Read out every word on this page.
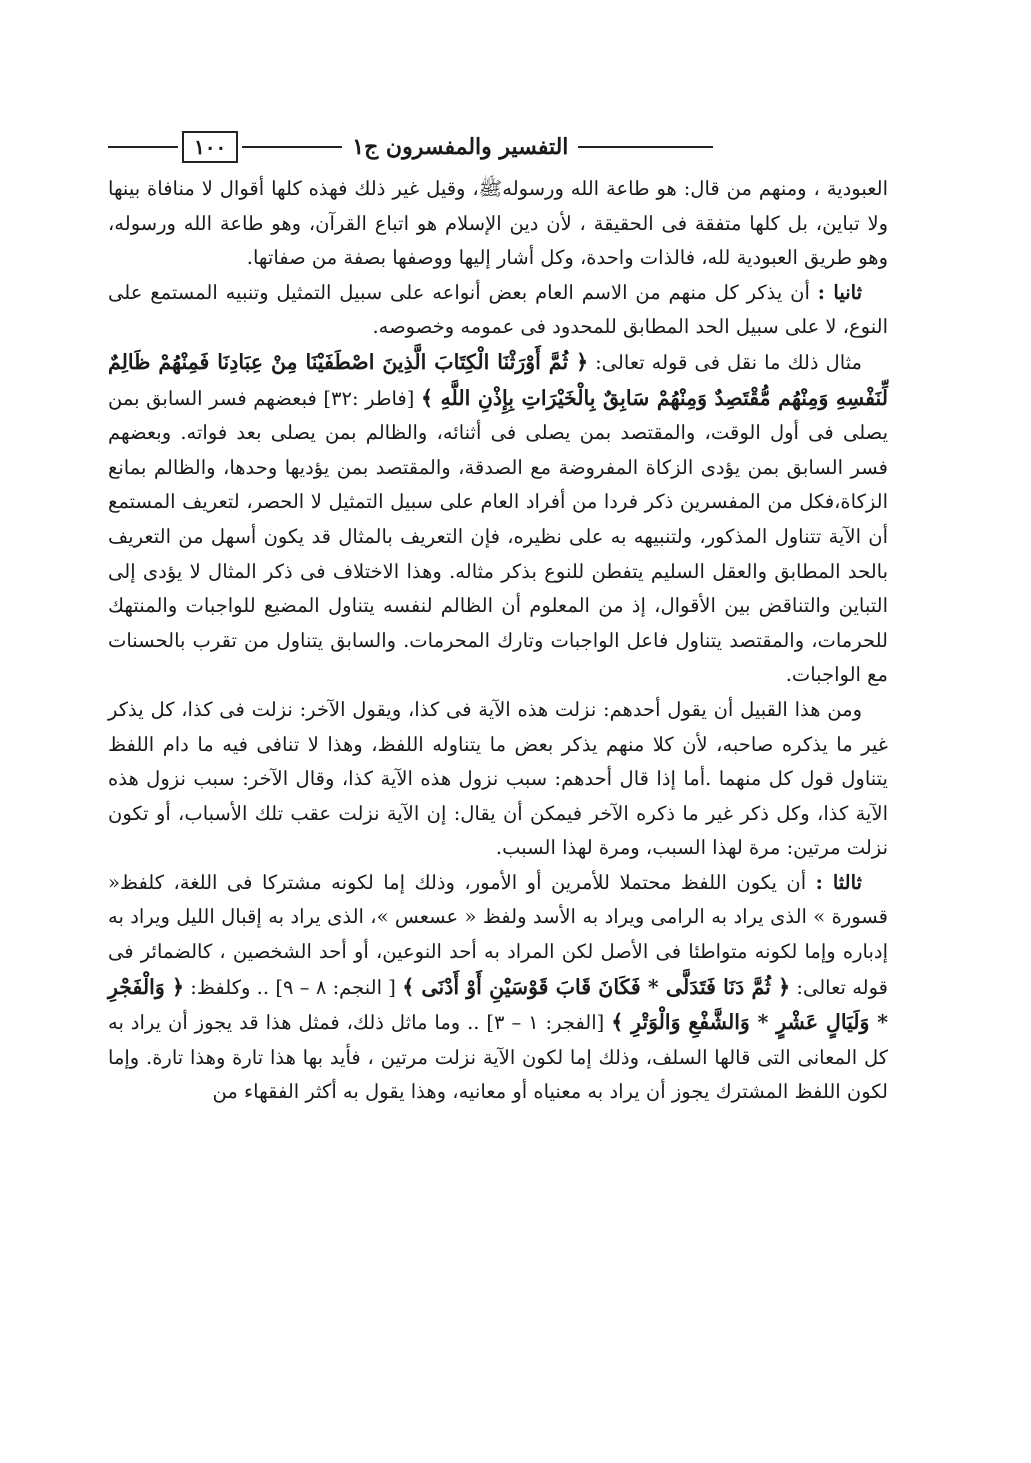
١٠٠	التفسير والمفسرون ج١

العبودية ، ومنهم من قال: هو طاعة الله ورسولهﷺ، وقيل غير ذلك فهذه كلها أقوال لا منافاة بينها ولا تباين، بل كلها متفقة فى الحقيقة ، لأن دين الإسلام هو اتباع القرآن، وهو طاعة الله ورسوله، وهو طريق العبودية لله، فالذات واحدة، وكل أشار إليها ووصفها بصفة من صفاتها.

ثانيا : أن يذكر كل منهم من الاسم العام بعض أنواعه على سبيل التمثيل وتنبيه المستمع على النوع، لا على سبيل الحد المطابق للمحدود فى عمومه وخصوصه.

مثال ذلك ما نقل فى قوله تعالى: ﴿ ثُمَّ أَوْرَثْنَا الْكِتَابَ الَّذِينَ اصْطَفَيْنَا مِنْ عِبَادِنَا فَمِنْهُمْ ظَالِمٌ لِّنَفْسِهِ وَمِنْهُم مُّقْتَصِدٌ وَمِنْهُمْ سَابِقٌ بِالْخَيْرَاتِ بِإِذْنِ اللَّهِ ﴾ [فاطر :٣٢] فبعضهم فسر السابق بمن يصلى فى أول الوقت، والمقتصد بمن يصلى فى أثنائه، والظالم بمن يصلى بعد فواته. وبعضهم فسر السابق بمن يؤدى الزكاة المفروضة مع الصدقة، والمقتصد بمن يؤديها وحدها، والظالم بمانع الزكاة،فكل من المفسرين ذكر فردا من أفراد العام على سبيل التمثيل لا الحصر، لتعريف المستمع أن الآية تتناول المذكور، ولتنبيهه به على نظيره، فإن التعريف بالمثال قد يكون أسهل من التعريف بالحد المطابق والعقل السليم يتفطن للنوع بذكر مثاله. وهذا الاختلاف فى ذكر المثال لا يؤدى إلى التباين والتناقض بين الأقوال، إذ من المعلوم أن الظالم لنفسه يتناول المضيع للواجبات والمنتهك للحرمات، والمقتصد يتناول فاعل الواجبات وتارك المحرمات. والسابق يتناول من تقرب بالحسنات مع الواجبات.

ومن هذا القبيل أن يقول أحدهم: نزلت هذه الآية فى كذا، ويقول الآخر: نزلت فى كذا، كل يذكر غير ما يذكره صاحبه، لأن كلا منهم يذكر بعض ما يتناوله اللفظ، وهذا لا تنافى فيه ما دام اللفظ يتناول قول كل منهما .أما إذا قال أحدهم: سبب نزول هذه الآية كذا، وقال الآخر: سبب نزول هذه الآية كذا، وكل ذكر غير ما ذكره الآخر فيمكن أن يقال: إن الآية نزلت عقب تلك الأسباب، أو تكون نزلت مرتين: مرة لهذا السبب، ومرة لهذا السبب.

ثالثا : أن يكون اللفظ محتملا للأمرين أو الأمور، وذلك إما لكونه مشتركا فى اللغة، كلفظ« قسورة » الذى يراد به الرامى ويراد به الأسد ولفظ « عسعس »، الذى يراد به إقبال الليل ويراد به إدباره وإما لكونه متواطئا فى الأصل لكن المراد به أحد النوعين، أو أحد الشخصين ، كالضمائر فى قوله تعالى: ﴿ ثُمَّ دَنَا فَتَدَلَّى * فَكَانَ قَابَ قَوْسَيْنِ أَوْ أَدْنَى ﴾ [ النجم: ٨ – ٩] .. وكلفظ: ﴿ وَالْفَجْرِ * وَلَيَالٍ عَشْرٍ * وَالشَّفْعِ وَالْوَتْرِ ﴾ [الفجر: ١ – ٣] .. وما ماثل ذلك، فمثل هذا قد يجوز أن يراد به كل المعانى التى قالها السلف، وذلك إما لكون الآية نزلت مرتين ، فأيد بها هذا تارة وهذا تارة. وإما لكون اللفظ المشترك يجوز أن يراد به معنياه أو معانيه، وهذا يقول به أكثر الفقهاء من
